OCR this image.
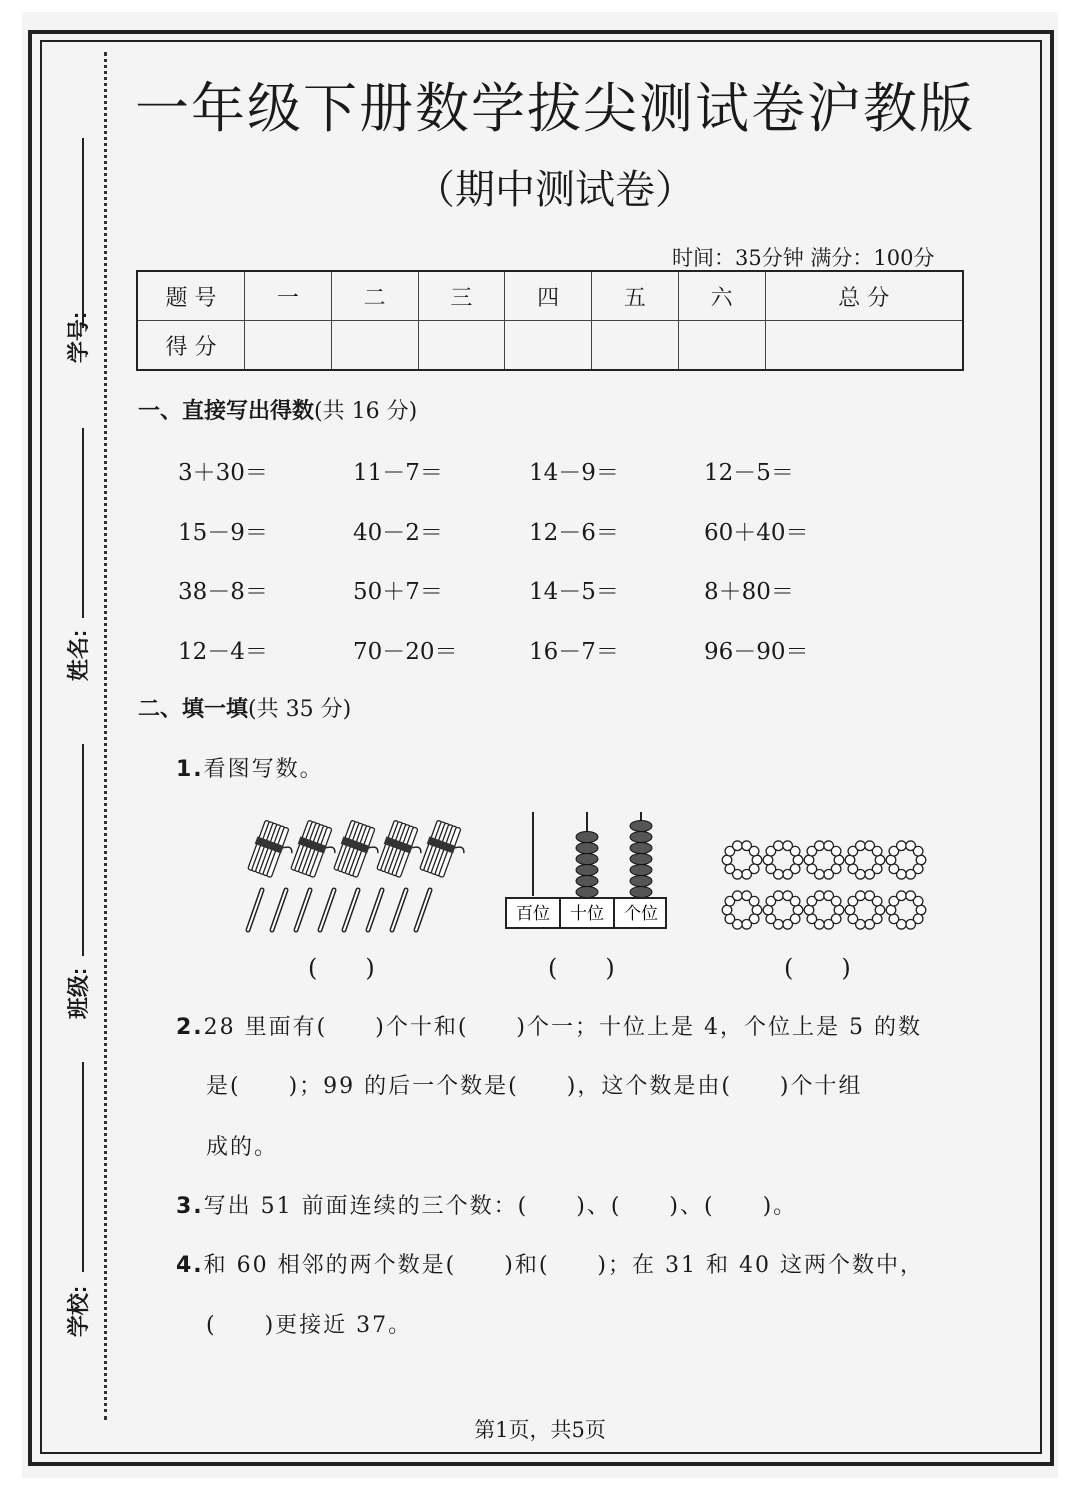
学号:
姓名:
班级:
学校:
一年级下册数学拔尖测试卷沪教版
（期中测试卷）
时间：35分钟 满分：100分
题 号	一	二	三	四	五	六	总 分
得 分							
一、直接写出得数(共 16 分)
3＋30＝	11－7＝	14－9＝	12－5＝
15－9＝	40－2＝	12－6＝	60＋40＝
38－8＝	50＋7＝	14－5＝	8＋80＝
12－4＝	70－20＝	16－7＝	96－90＝
二、填一填(共 35 分)
1.看图写数。
百位 十位 个位
(　　)	(　　)	(　　)
2.28 里面有(　　)个十和(　　)个一；十位上是 4，个位上是 5 的数
是(　　)；99 的后一个数是(　　)，这个数是由(　　)个十组
成的。
3.写出 51 前面连续的三个数：(　　)、(　　)、(　　)。
4.和 60 相邻的两个数是(　　)和(　　)；在 31 和 40 这两个数中，
(　　)更接近 37。
第1页，共5页
